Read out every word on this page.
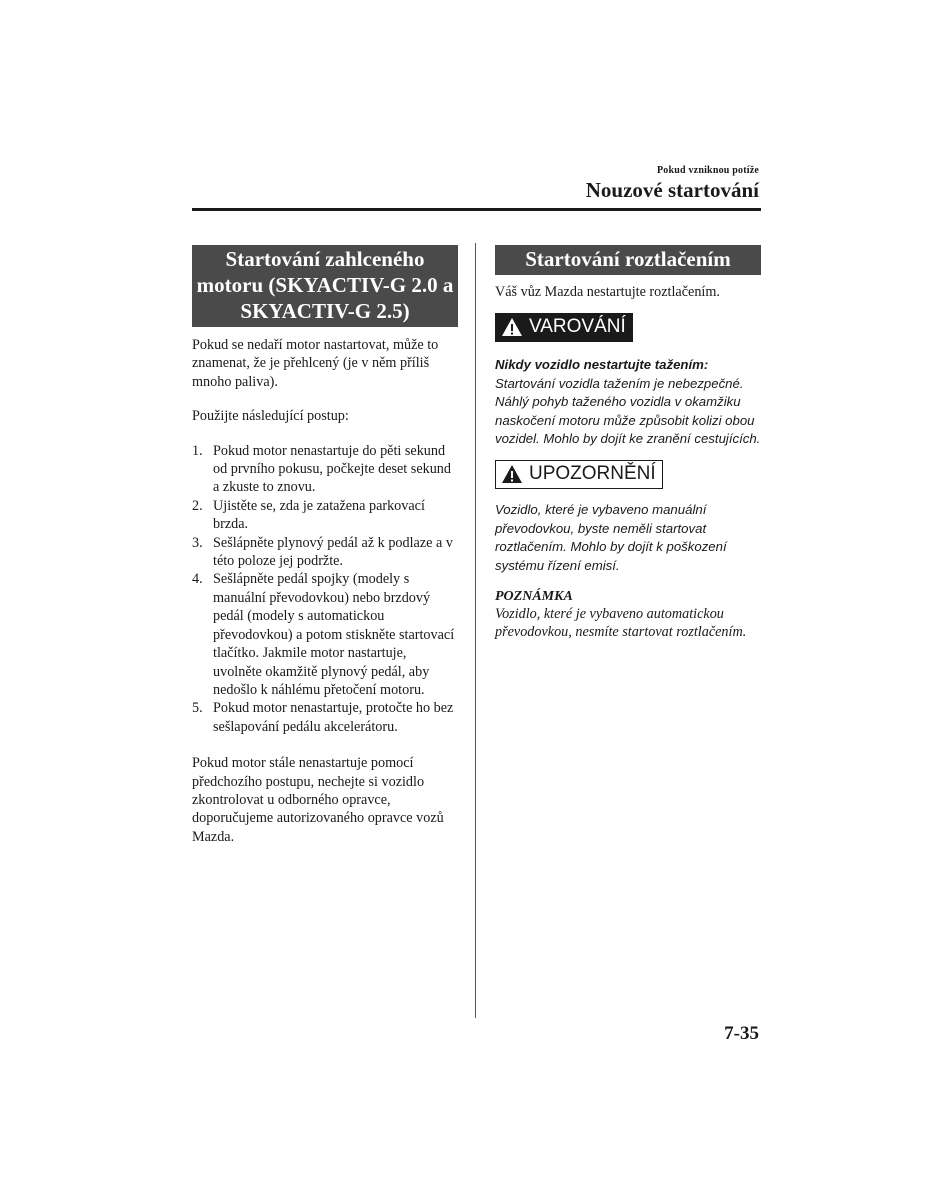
Pokud vzniknou potíže
Nouzové startování
Startování zahlceného motoru (SKYACTIV-G 2.0 a SKYACTIV-G 2.5)

Pokud se nedaří motor nastartovat, může to znamenat, že je přehlcený (je v něm příliš mnoho paliva).

Použijte následující postup:

1. Pokud motor nenastartuje do pěti sekund od prvního pokusu, počkejte deset sekund a zkuste to znovu.
2. Ujistěte se, zda je zatažena parkovací brzda.
3. Sešlápněte plynový pedál až k podlaze a v této poloze jej podržte.
4. Sešlápněte pedál spojky (modely s manuální převodovkou) nebo brzdový pedál (modely s automatickou převodovkou) a potom stiskněte startovací tlačítko. Jakmile motor nastartuje, uvolněte okamžitě plynový pedál, aby nedošlo k náhlému přetočení motoru.
5. Pokud motor nenastartuje, protočte ho bez sešlapování pedálu akcelerátoru.

Pokud motor stále nenastartuje pomocí předchozího postupu, nechejte si vozidlo zkontrolovat u odborného opravce, doporučujeme autorizovaného opravce vozů Mazda.

Startování roztlačením

Váš vůz Mazda nestartujte roztlačením.

VAROVÁNÍ

Nikdy vozidlo nestartujte tažením:

Startování vozidla tažením je nebezpečné. Náhlý pohyb taženého vozidla v okamžiku naskočení motoru může způsobit kolizi obou vozidel. Mohlo by dojít ke zranění cestujících.

UPOZORNĚNÍ

Vozidlo, které je vybaveno manuální převodovkou, byste neměli startovat roztlačením. Mohlo by dojít k poškození systému řízení emisí.

POZNÁMKA

Vozidlo, které je vybaveno automatickou převodovkou, nesmíte startovat roztlačením.

7-35
